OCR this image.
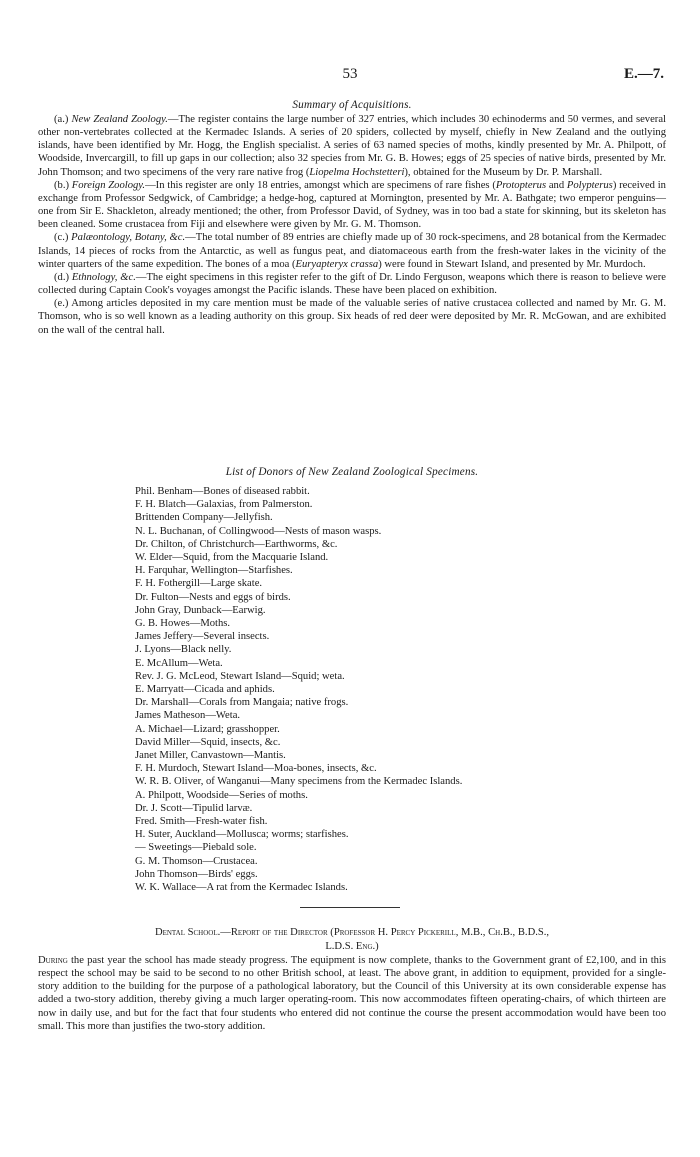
53	E.—7.

Summary of Acquisitions.

(a.) New Zealand Zoology.—The register contains the large number of 327 entries, which includes 30 echinoderms and 50 vermes, and several other non-vertebrates collected at the Kermadec Islands. A series of 20 spiders, collected by myself, chiefly in New Zealand and the outlying islands, have been identified by Mr. Hogg, the English specialist. A series of 63 named species of moths, kindly presented by Mr. A. Philpott, of Woodside, Invercargill, to fill up gaps in our collection; also 32 species from Mr. G. B. Howes; eggs of 25 species of native birds, presented by Mr. John Thomson; and two specimens of the very rare native frog (Liopelma Hochstetteri), obtained for the Museum by Dr. P. Marshall.

(b.) Foreign Zoology.—In this register are only 18 entries, amongst which are specimens of rare fishes (Protopterus and Polypterus) received in exchange from Professor Sedgwick, of Cambridge; a hedge-hog, captured at Mornington, presented by Mr. A. Bathgate; two emperor penguins—one from Sir E. Shackleton, already mentioned; the other, from Professor David, of Sydney, was in too bad a state for skinning, but its skeleton has been cleaned. Some crustacea from Fiji and elsewhere were given by Mr. G. M. Thomson.

(c.) Palæontology, Botany, &c.—The total number of 89 entries are chiefly made up of 30 rock-specimens, and 28 botanical from the Kermadec Islands, 14 pieces of rocks from the Antarctic, as well as fungus peat, and diatomaceous earth from the fresh-water lakes in the vicinity of the winter quarters of the same expedition. The bones of a moa (Euryapteryx crassa) were found in Stewart Island, and presented by Mr. Murdoch.

(d.) Ethnology, &c.—The eight specimens in this register refer to the gift of Dr. Lindo Ferguson, weapons which there is reason to believe were collected during Captain Cook's voyages amongst the Pacific islands. These have been placed on exhibition.

(e.) Among articles deposited in my care mention must be made of the valuable series of native crustacea collected and named by Mr. G. M. Thomson, who is so well known as a leading authority on this group. Six heads of red deer were deposited by Mr. R. McGowan, and are exhibited on the wall of the central hall.

List of Donors of New Zealand Zoological Specimens.

Phil. Benham—Bones of diseased rabbit.
F. H. Blatch—Galaxias, from Palmerston.
Brittenden Company—Jellyfish.
N. L. Buchanan, of Collingwood—Nests of mason wasps.
Dr. Chilton, of Christchurch—Earthworms, &c.
W. Elder—Squid, from the Macquarie Island.
H. Farquhar, Wellington—Starfishes.
F. H. Fothergill—Large skate.
Dr. Fulton—Nests and eggs of birds.
John Gray, Dunback—Earwig.
G. B. Howes—Moths.
James Jeffery—Several insects.
J. Lyons—Black nelly.
E. McAllum—Weta.
Rev. J. G. McLeod, Stewart Island—Squid; weta.
E. Marryatt—Cicada and aphids.
Dr. Marshall—Corals from Mangaia; native frogs.
James Matheson—Weta.
A. Michael—Lizard; grasshopper.
David Miller—Squid, insects, &c.
Janet Miller, Canvastown—Mantis.
F. H. Murdoch, Stewart Island—Moa-bones, insects, &c.
W. R. B. Oliver, of Wanganui—Many specimens from the Kermadec Islands.
A. Philpott, Woodside—Series of moths.
Dr. J. Scott—Tipulid larvæ.
Fred. Smith—Fresh-water fish.
H. Suter, Auckland—Mollusca; worms; starfishes.
— Sweetings—Piebald sole.
G. M. Thomson—Crustacea.
John Thomson—Birds' eggs.
W. K. Wallace—A rat from the Kermadec Islands.
Dental School.—Report of the Director (Professor H. Percy Pickerill, M.B., Ch.B., B.D.S.,
L.D.S. Eng.)

During the past year the school has made steady progress. The equipment is now complete, thanks to the Government grant of £2,100, and in this respect the school may be said to be second to no other British school, at least. The above grant, in addition to equipment, provided for a single-story addition to the building for the purpose of a pathological laboratory, but the Council of this University at its own considerable expense has added a two-story addition, thereby giving a much larger operating-room. This now accommodates fifteen operating-chairs, of which thirteen are now in daily use, and but for the fact that four students who entered did not continue the course the present accommodation would have been too small. This more than justifies the two-story addition.
